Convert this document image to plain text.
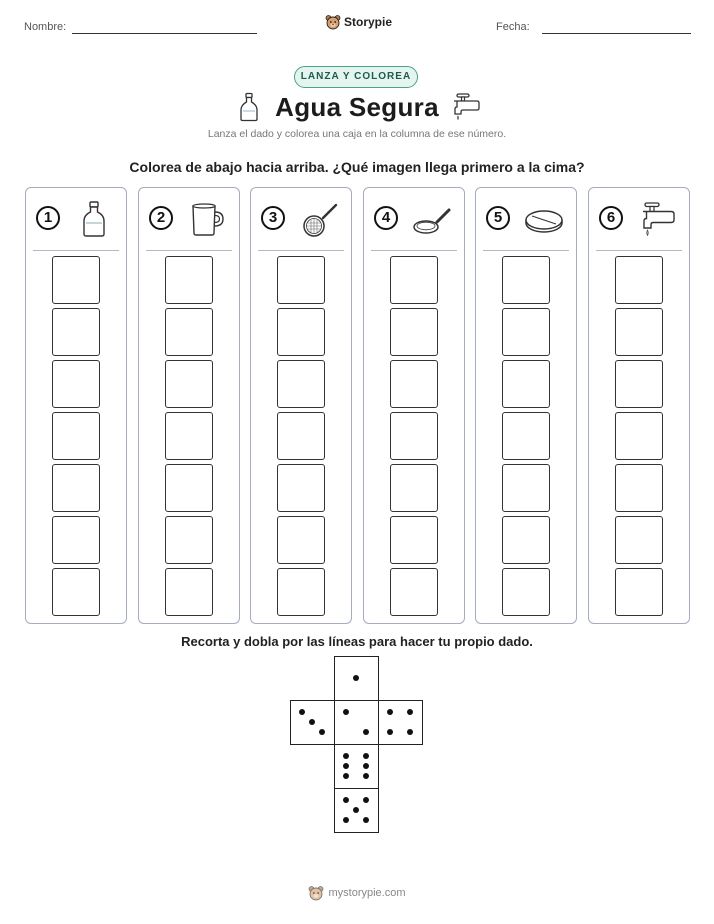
Nombre:	Storypie	Fecha:
LANZA Y COLOREA
Agua Segura
Lanza el dado y colorea una caja en la columna de ese número.
Colorea de abajo hacia arriba. ¿Qué imagen llega primero a la cima?
1	2	3	4	5	6
Recorta y dobla por las líneas para hacer tu propio dado.
mystorypie.com
